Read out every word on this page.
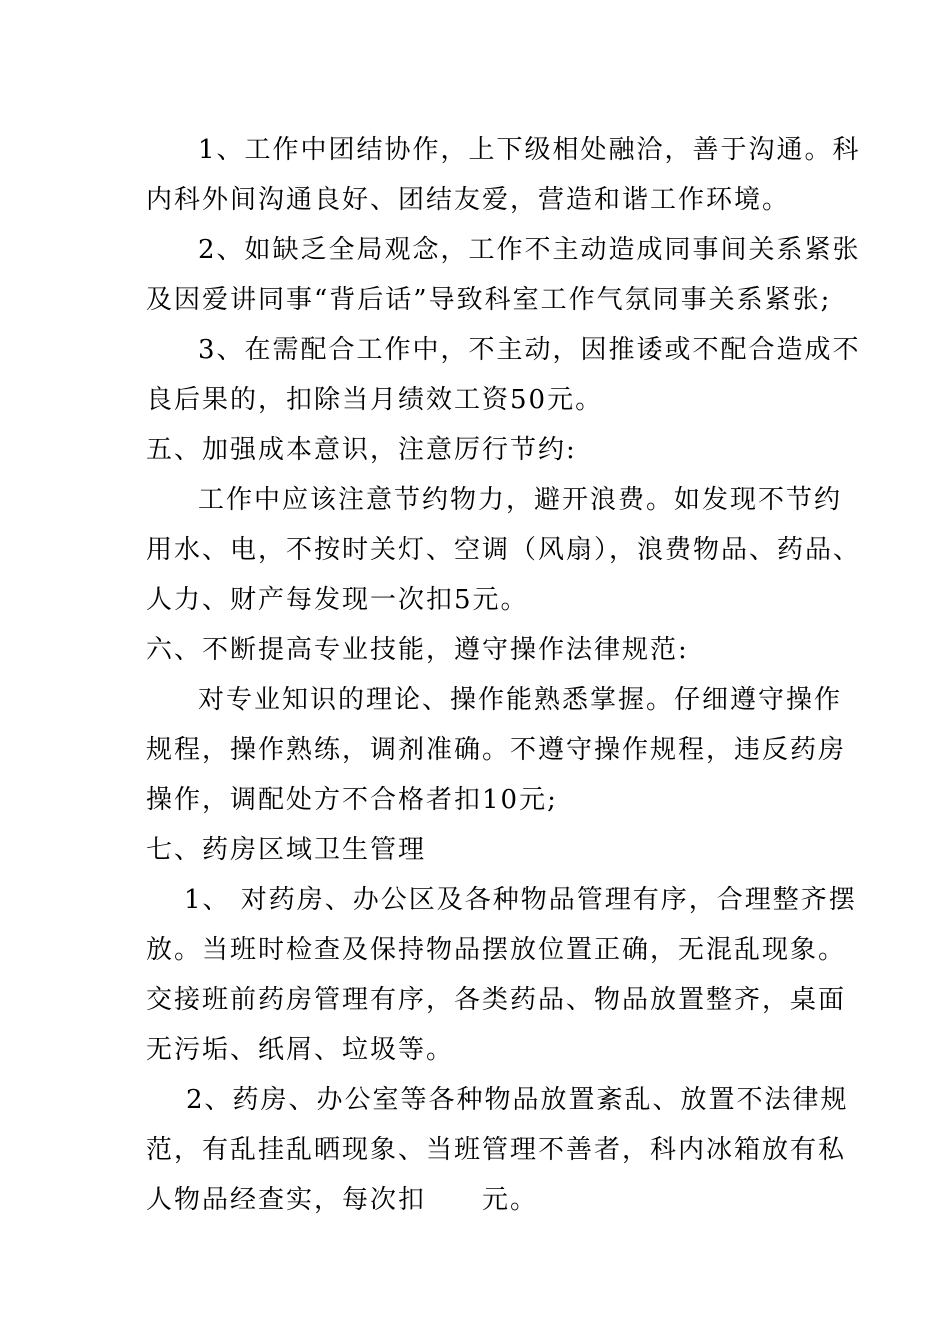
1、工作中团结协作，上下级相处融洽，善于沟通。科
内科外间沟通良好、团结友爱，营造和谐工作环境。
2、如缺乏全局观念，工作不主动造成同事间关系紧张
及因爱讲同事“背后话”导致科室工作气氛同事关系紧张;
3、在需配合工作中，不主动，因推诿或不配合造成不
良后果的，扣除当月绩效工资50元。
五、加强成本意识，注意厉行节约:
工作中应该注意节约物力，避开浪费。如发现不节约
用水、电，不按时关灯、空调（风扇），浪费物品、药品、
人力、财产每发现一次扣5元。
六、不断提高专业技能，遵守操作法律规范:
对专业知识的理论、操作能熟悉掌握。仔细遵守操作
规程，操作熟练，调剂准确。不遵守操作规程，违反药房
操作，调配处方不合格者扣10元;
七、药房区域卫生管理
1、 对药房、办公区及各种物品管理有序，合理整齐摆
放。当班时检查及保持物品摆放位置正确，无混乱现象。
交接班前药房管理有序，各类药品、物品放置整齐，桌面
无污垢、纸屑、垃圾等。
2、药房、办公室等各种物品放置紊乱、放置不法律规
范，有乱挂乱晒现象、当班管理不善者，科内冰箱放有私
人物品经查实，每次扣　　元。
